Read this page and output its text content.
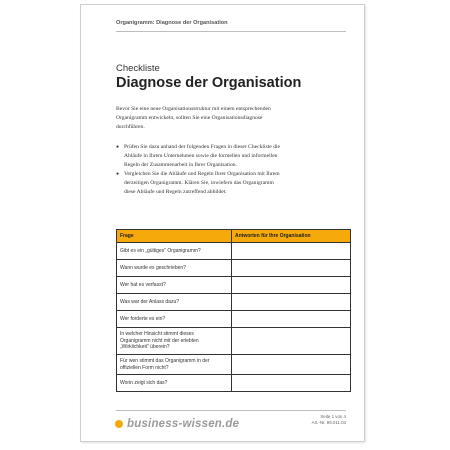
Organigramm: Diagnose der Organisation
Checkliste
Diagnose der Organisation

Bevor Sie eine neue Organisationsstruktur mit einem entsprechenden

Organigramm entwickeln, sollten Sie eine Organisationsdiagnose

durchführen.

● Prüfen Sie dazu anhand der folgenden Fragen in dieser Checkliste die
Abläufe in Ihrem Unternehmen sowie die formellen und informellen
Regeln der Zusammenarbeit in Ihrer Organisation.
● Vergleichen Sie die Abläufe und Regeln Ihrer Organisation mit Ihrem
derzeitigen Organigramm. Klären Sie, inwiefern das Organigramm
diese Abläufe und Regeln zutreffend abbildet.
Frage	Antworten für Ihre Organisation

Gibt es ein „gültiges" Organigramm?	

Wann wurde es geschrieben?	

Wer hat es verfasst?	

Was war der Anlass dazu?	

Wer forderte es ein?	

In welcher Hinsicht stimmt dieses
Organigramm nicht mit der erlebten
„Wirklichkeit" überein?	

Für wen stimmt das Organigramm in der
offiziellen Form nicht?	

Worin zeigt sich das?	

business-wissen.de
Seite 1 von 4
Art.-Nr. 99.011.03
